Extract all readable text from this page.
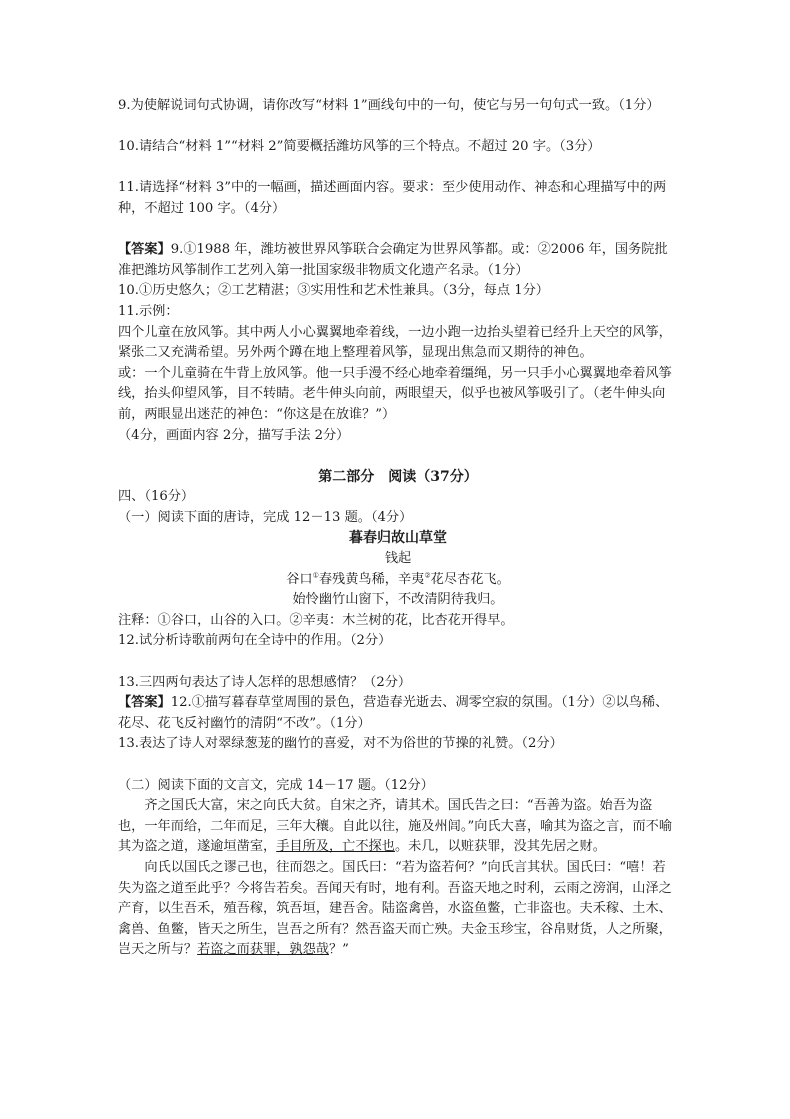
9.为使解说词句式协调，请你改写“材料 1”画线句中的一句，使它与另一句句式一致。（1分）

10.请结合“材料 1”“材料 2”简要概括潍坊风筝的三个特点。不超过 20 字。（3分）

11.请选择“材料 3”中的一幅画，描述画面内容。要求：至少使用动作、神态和心理描写中的两种，不超过 100 字。（4分）

【答案】9.①1988 年，潍坊被世界风筝联合会确定为世界风筝都。或：②2006 年，国务院批准把潍坊风筝制作工艺列入第一批国家级非物质文化遗产名录。（1分）

10.①历史悠久；②工艺精湛；③实用性和艺术性兼具。（3分，每点 1分）

11.示例：

四个儿童在放风筝。其中两人小心翼翼地牵着线，一边小跑一边抬头望着已经升上天空的风筝，紧张二又充满希望。另外两个蹲在地上整理着风筝，显现出焦急而又期待的神色。

或：一个儿童骑在牛背上放风筝。他一只手漫不经心地牵着缰绳，另一只手小心翼翼地牵着风筝线，抬头仰望风筝，目不转睛。老牛伸头向前，两眼望天，似乎也被风筝吸引了。（老牛伸头向前，两眼显出迷茫的神色：“你这是在放谁？”）

（4分，画面内容 2分，描写手法 2分）

第二部分　阅读（37分）

四、（16分）

（一）阅读下面的唐诗，完成 12－13 题。（4分）

暮春归故山草堂

钱起

谷口①春残黄鸟稀，辛夷②花尽杏花飞。

始怜幽竹山窗下，不改清阴待我归。

注释：①谷口，山谷的入口。②辛夷：木兰树的花，比杏花开得早。

12.试分析诗歌前两句在全诗中的作用。（2分）

13.三四两句表达了诗人怎样的思想感情？（2分）

【答案】12.①描写暮春草堂周围的景色，营造春光逝去、凋零空寂的氛围。（1分）②以鸟稀、花尽、花飞反衬幽竹的清阴“不改”。（1分）

13.表达了诗人对翠绿葱茏的幽竹的喜爱，对不为俗世的节操的礼赞。（2分）

（二）阅读下面的文言文，完成 14－17 题。（12分）

齐之国氏大富，宋之向氏大贫。自宋之齐，请其术。国氏告之曰：“吾善为盗。始吾为盗也，一年而给，二年而足，三年大穰。自此以往，施及州闾。”向氏大喜，喻其为盗之言，而不喻其为盗之道，遂逾垣凿室，手目所及，亡不探也。未几，以赃获罪，没其先居之财。

向氏以国氏之谬己也，往而怨之。国氏曰：“若为盗若何？”向氏言其状。国氏曰：“嘻！若失为盗之道至此乎？今将告若矣。吾闻天有时，地有利。吾盗天地之时利，云雨之滂润，山泽之产育，以生吾禾，殖吾稼，筑吾垣，建吾舍。陆盗禽兽，水盗鱼鳖，亡非盗也。夫禾稼、土木、　禽兽、鱼鳖，皆天之所生，岂吾之所有？然吾盗天而亡殃。夫金玉珍宝，谷帛财货，人之所聚，岂天之所与？若盗之而获罪，孰怨哉？”
